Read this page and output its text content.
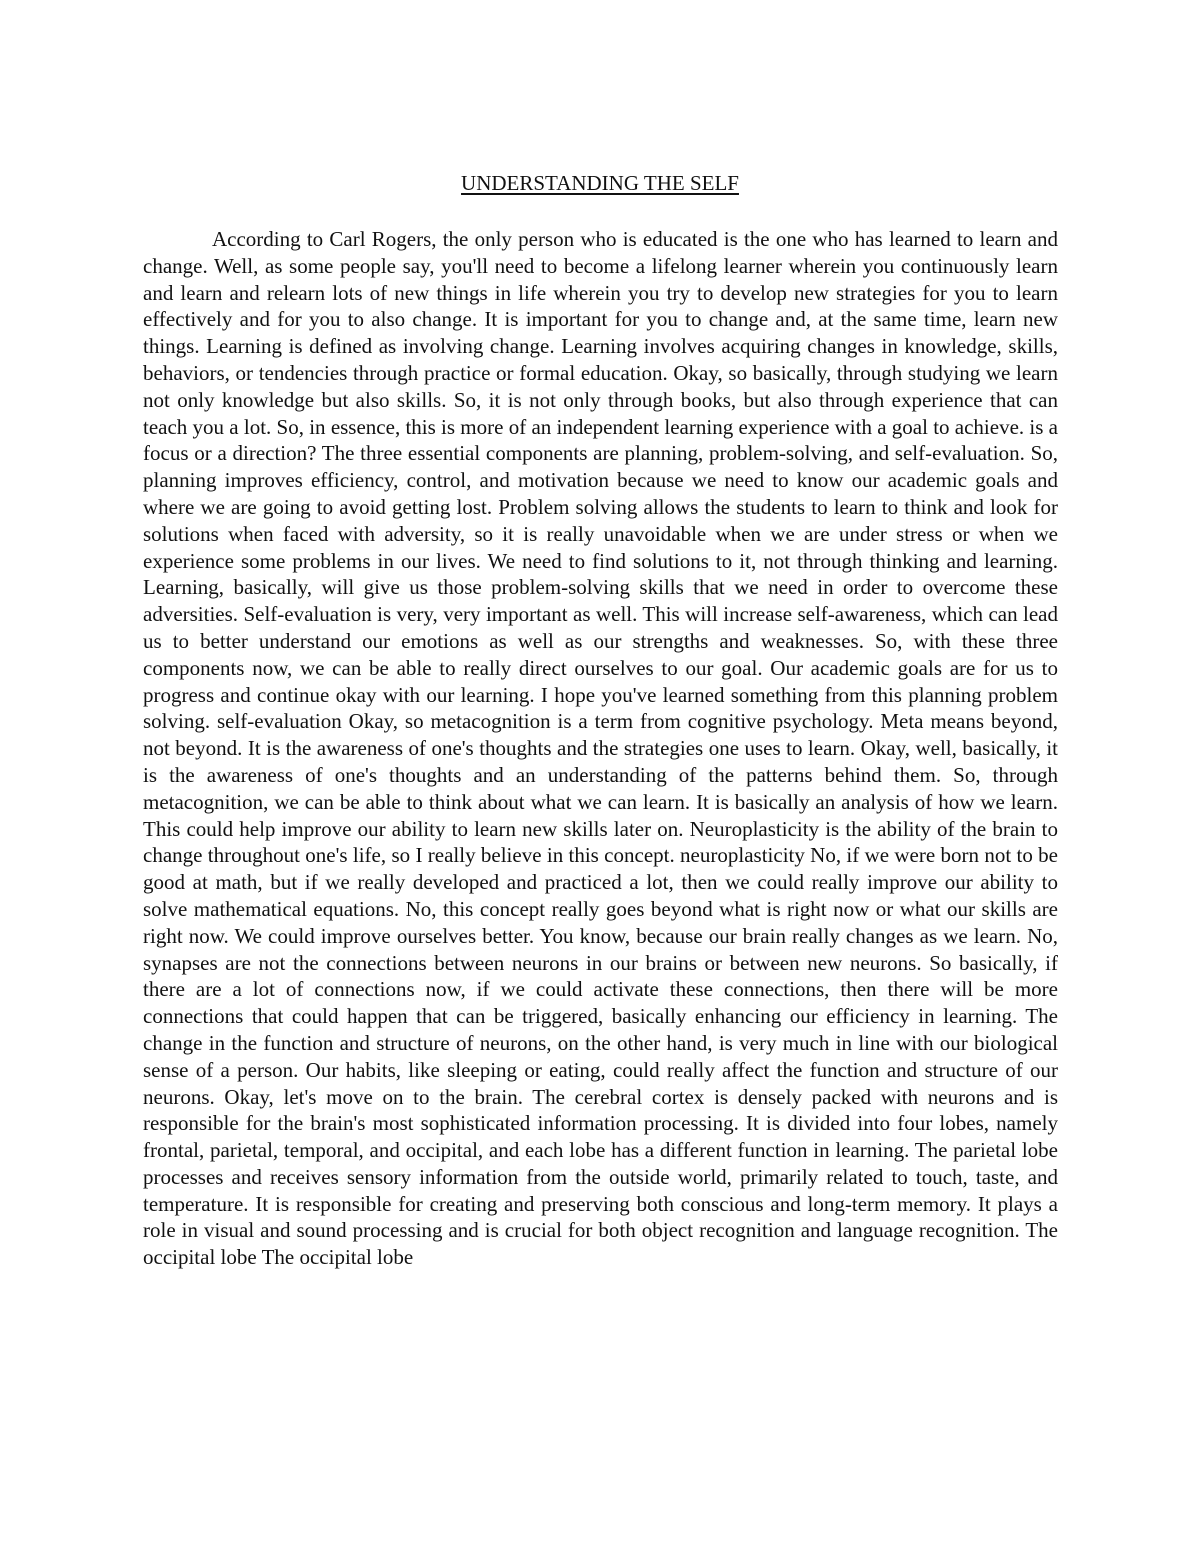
UNDERSTANDING THE SELF

According to Carl Rogers, the only person who is educated is the one who has learned to learn and change. Well, as some people say, you'll need to become a lifelong learner wherein you continuously learn and learn and relearn lots of new things in life wherein you try to develop new strategies for you to learn effectively and for you to also change. It is important for you to change and, at the same time, learn new things. Learning is defined as involving change. Learning involves acquiring changes in knowledge, skills, behaviors, or tendencies through practice or formal education. Okay, so basically, through studying we learn not only knowledge but also skills. So, it is not only through books, but also through experience that can teach you a lot. So, in essence, this is more of an independent learning experience with a goal to achieve. is a focus or a direction? The three essential components are planning, problem-solving, and self-evaluation. So, planning improves efficiency, control, and motivation because we need to know our academic goals and where we are going to avoid getting lost. Problem solving allows the students to learn to think and look for solutions when faced with adversity, so it is really unavoidable when we are under stress or when we experience some problems in our lives. We need to find solutions to it, not through thinking and learning. Learning, basically, will give us those problem-solving skills that we need in order to overcome these adversities. Self-evaluation is very, very important as well. This will increase self-awareness, which can lead us to better understand our emotions as well as our strengths and weaknesses. So, with these three components now, we can be able to really direct ourselves to our goal. Our academic goals are for us to progress and continue okay with our learning. I hope you've learned something from this planning problem solving. self-evaluation Okay, so metacognition is a term from cognitive psychology. Meta means beyond, not beyond. It is the awareness of one's thoughts and the strategies one uses to learn. Okay, well, basically, it is the awareness of one's thoughts and an understanding of the patterns behind them. So, through metacognition, we can be able to think about what we can learn. It is basically an analysis of how we learn. This could help improve our ability to learn new skills later on. Neuroplasticity is the ability of the brain to change throughout one's life, so I really believe in this concept. neuroplasticity No, if we were born not to be good at math, but if we really developed and practiced a lot, then we could really improve our ability to solve mathematical equations. No, this concept really goes beyond what is right now or what our skills are right now. We could improve ourselves better. You know, because our brain really changes as we learn. No, synapses are not the connections between neurons in our brains or between new neurons. So basically, if there are a lot of connections now, if we could activate these connections, then there will be more connections that could happen that can be triggered, basically enhancing our efficiency in learning. The change in the function and structure of neurons, on the other hand, is very much in line with our biological sense of a person. Our habits, like sleeping or eating, could really affect the function and structure of our neurons. Okay, let's move on to the brain. The cerebral cortex is densely packed with neurons and is responsible for the brain's most sophisticated information processing. It is divided into four lobes, namely frontal, parietal, temporal, and occipital, and each lobe has a different function in learning. The parietal lobe processes and receives sensory information from the outside world, primarily related to touch, taste, and temperature. It is responsible for creating and preserving both conscious and long-term memory. It plays a role in visual and sound processing and is crucial for both object recognition and language recognition. The occipital lobe The occipital lobe
